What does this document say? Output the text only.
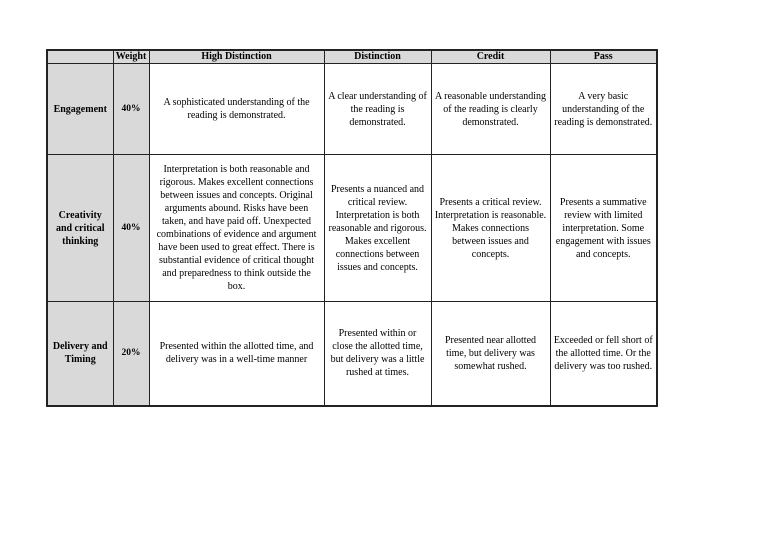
	Weight	High Distinction	Distinction	Credit	Pass
Engagement	40%	A sophisticated understanding of the reading is demonstrated.	A clear understanding of the reading is demonstrated.	A reasonable understanding of the reading is clearly demonstrated.	A very basic understanding of the reading is demonstrated.
Creativity and critical thinking	40%	Interpretation is both reasonable and rigorous. Makes excellent connections between issues and concepts. Original arguments abound. Risks have been taken, and have paid off. Unexpected combinations of evidence and argument have been used to great effect. There is substantial evidence of critical thought and preparedness to think outside the box.	Presents a nuanced and critical review. Interpretation is both reasonable and rigorous. Makes excellent connections between issues and concepts.	Presents a critical review. Interpretation is reasonable. Makes connections between issues and concepts.	Presents a summative review with limited interpretation. Some engagement with issues and concepts.
Delivery and Timing	20%	Presented within the allotted time, and delivery was in a well-time manner	Presented within or close the allotted time, but delivery was a little rushed at times.	Presented near allotted time, but delivery was somewhat rushed.	Exceeded or fell short of the allotted time. Or the delivery was too rushed.
